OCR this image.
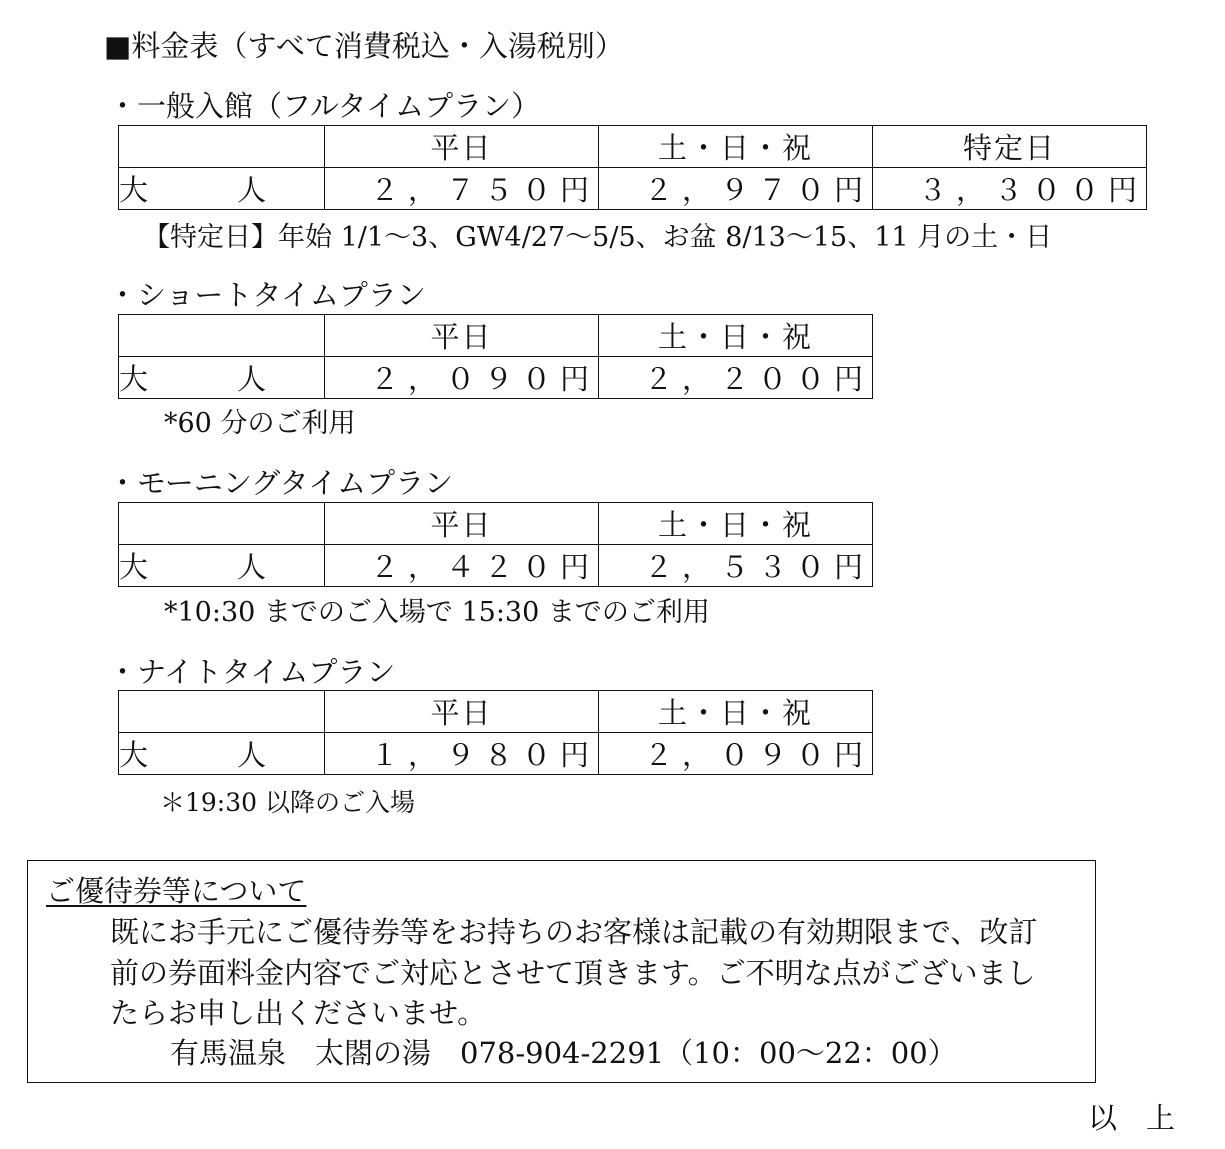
■料金表（すべて消費税込・入湯税別）
・一般入館（フルタイムプラン）
	平日	土・日・祝	特定日
大　人	２，７５０円	２，９７０円	３，３００円
【特定日】年始 1/1～3、GW4/27～5/5、お盆 8/13～15、11 月の土・日
・ショートタイムプラン
	平日	土・日・祝
大　人	２，０９０円	２，２００円
*60 分のご利用
・モーニングタイムプラン
	平日	土・日・祝
大　人	２，４２０円	２，５３０円
*10:30 までのご入場で 15:30 までのご利用
・ナイトタイムプラン
	平日	土・日・祝
大　人	１，９８０円	２，０９０円
＊19:30 以降のご入場
ご優待券等について
既にお手元にご優待券等をお持ちのお客様は記載の有効期限まで、改訂
前の券面料金内容でご対応とさせて頂きます。ご不明な点がございまし
たらお申し出くださいませ。
有馬温泉　太閤の湯　078-904-2291（10：00～22：00）
以　上
